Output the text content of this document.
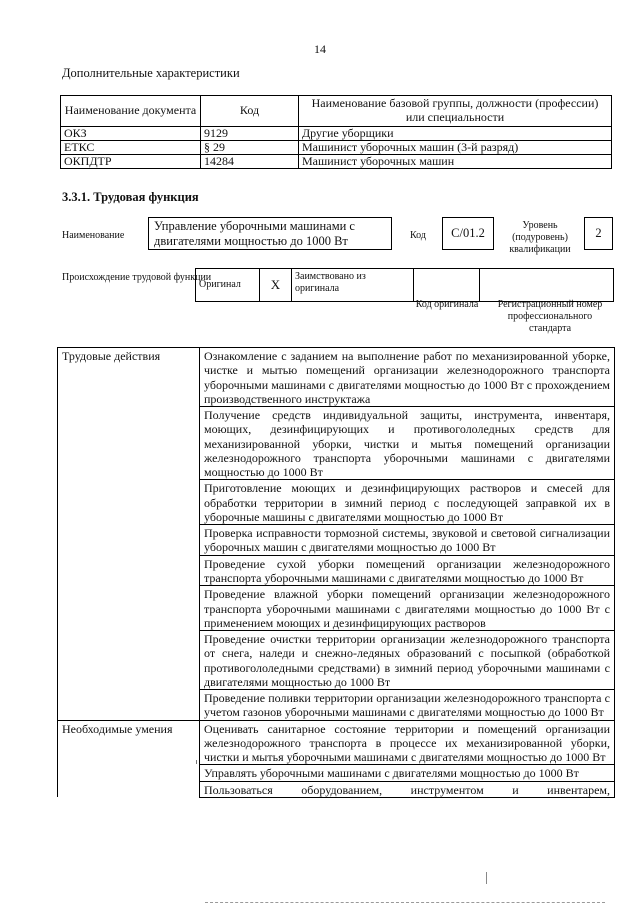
14
Дополнительные характеристики
Наименование документа	Код	Наименование базовой группы, должности (профессии) или специальности
ОКЗ	9129	Другие уборщики
ЕТКС	§ 29	Машинист уборочных машин (3-й разряд)
ОКПДТР	14284	Машинист уборочных машин
3.3.1. Трудовая функция
Наименование
Управление уборочными машинами с двигателями мощностью до 1000 Вт	Код	С/01.2
Уровень (подуровень) квалификации
2
Происхождение трудовой функции
Оригинал	X	Заимствовано из оригинала		
Код оригинала	Регистрационный номер профессионального стандарта
Трудовые действия	Ознакомление с заданием на выполнение работ по механизированной уборке, чистке и мытью помещений организации железнодорожного транспорта уборочными машинами с двигателями мощностью до 1000 Вт с прохождением производственного инструктажа
	Получение средств индивидуальной защиты, инструмента, инвентаря, моющих, дезинфицирующих и противогололедных средств для механизированной уборки, чистки и мытья помещений организации железнодорожного транспорта уборочными машинами с двигателями мощностью до 1000 Вт
	Приготовление моющих и дезинфицирующих растворов и смесей для обработки территории в зимний период с последующей заправкой их в уборочные машины с двигателями мощностью до 1000 Вт
	Проверка исправности тормозной системы, звуковой и световой сигнализации уборочных машин с двигателями мощностью до 1000 Вт
	Проведение сухой уборки помещений организации железнодорожного транспорта уборочными машинами с двигателями мощностью до 1000 Вт
	Проведение влажной уборки помещений организации железнодорожного транспорта уборочными машинами с двигателями мощностью до 1000 Вт с применением моющих и дезинфицирующих растворов
	Проведение очистки территории организации железнодорожного транспорта от снега, наледи и снежно-ледяных образований с посыпкой (обработкой противогололедными средствами) в зимний период уборочными машинами с двигателями мощностью до 1000 Вт
	Проведение поливки территории организации железнодорожного транспорта с учетом газонов уборочными машинами с двигателями мощностью до 1000 Вт
Необходимые умения	Оценивать санитарное состояние территории и помещений организации железнодорожного транспорта в процессе их механизированной уборки, чистки и мытья уборочными машинами с двигателями мощностью до 1000 Вт
	Управлять уборочными машинами с двигателями мощностью до 1000 Вт
	Пользоваться оборудованием, инструментом и инвентарем,
